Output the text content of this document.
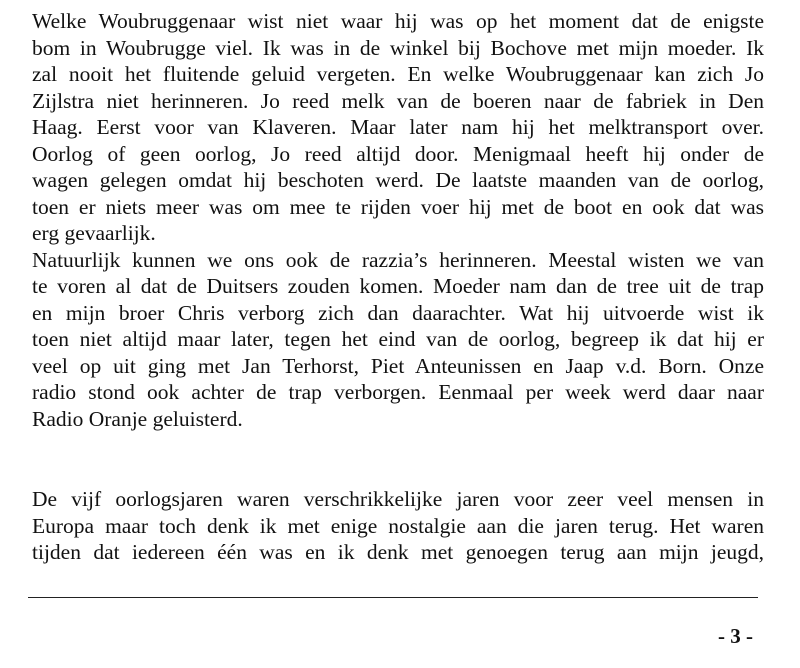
Welke Woubruggenaar wist niet waar hij was op het moment dat de enigste
bom in Woubrugge viel. Ik was in de winkel bij Bochove met mijn moeder. Ik
zal nooit het fluitende geluid vergeten. En welke Woubruggenaar kan zich Jo
Zijlstra niet herinneren. Jo reed melk van de boeren naar de fabriek in Den
Haag. Eerst voor van Klaveren. Maar later nam hij het melktransport over.
Oorlog of geen oorlog, Jo reed altijd door. Menigmaal heeft hij onder de
wagen gelegen omdat hij beschoten werd. De laatste maanden van de oorlog,
toen er niets meer was om mee te rijden voer hij met de boot en ook dat was
erg gevaarlijk.
Natuurlijk kunnen we ons ook de razzia’s herinneren. Meestal wisten we van
te voren al dat de Duitsers zouden komen. Moeder nam dan de tree uit de trap
en mijn broer Chris verborg zich dan daarachter. Wat hij uitvoerde wist ik
toen niet altijd maar later, tegen het eind van de oorlog, begreep ik dat hij er
veel op uit ging met Jan Terhorst, Piet Anteunissen en Jaap v.d. Born. Onze
radio stond ook achter de trap verborgen. Eenmaal per week werd daar naar
Radio Oranje geluisterd.
De vijf oorlogsjaren waren verschrikkelijke jaren voor zeer veel mensen in
Europa maar toch denk ik met enige nostalgie aan die jaren terug. Het waren
tijden dat iedereen één was en ik denk met genoegen terug aan mijn jeugd,
- 3 -
